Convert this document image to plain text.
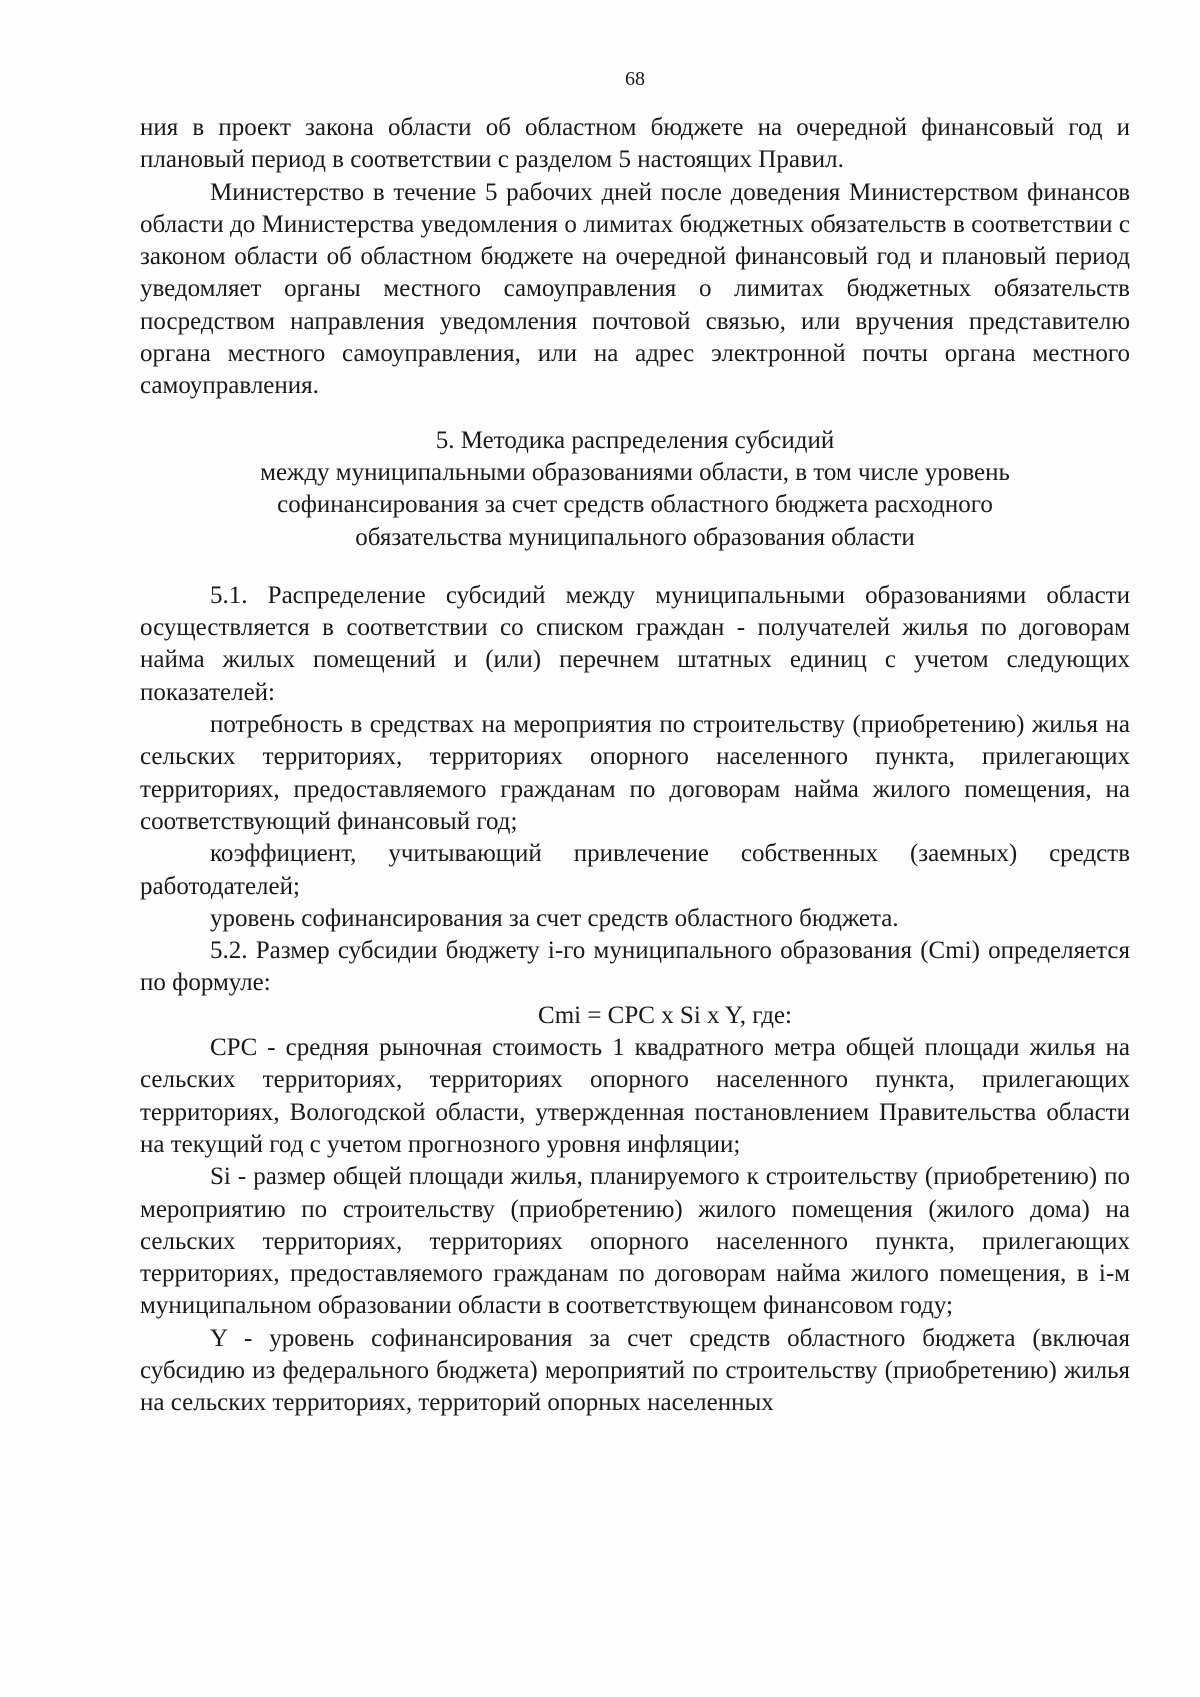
68

ния в проект закона области об областном бюджете на очередной финансовый год и плановый период в соответствии с разделом 5 настоящих Правил.

Министерство в течение 5 рабочих дней после доведения Министерством финансов области до Министерства уведомления о лимитах бюджетных обязательств в соответствии с законом области об областном бюджете на очередной финансовый год и плановый период уведомляет органы местного самоуправления о лимитах бюджетных обязательств посредством направления уведомления почтовой связью, или вручения представителю органа местного самоуправления, или на адрес электронной почты органа местного самоуправления.

5. Методика распределения субсидий
между муниципальными образованиями области, в том числе уровень
софинансирования за счет средств областного бюджета расходного
обязательства муниципального образования области

5.1. Распределение субсидий между муниципальными образованиями области осуществляется в соответствии со списком граждан - получателей жилья по договорам найма жилых помещений и (или) перечнем штатных единиц с учетом следующих показателей:

потребность в средствах на мероприятия по строительству (приобретению) жилья на сельских территориях, территориях опорного населенного пункта, прилегающих территориях, предоставляемого гражданам по договорам найма жилого помещения, на соответствующий финансовый год;

коэффициент, учитывающий привлечение собственных (заемных) средств работодателей;

уровень софинансирования за счет средств областного бюджета.

5.2. Размер субсидии бюджету i-го муниципального образования (Cmi) определяется по формуле:

Cmi = CPC x Si x Y, где:

CPC - средняя рыночная стоимость 1 квадратного метра общей площади жилья на сельских территориях, территориях опорного населенного пункта, прилегающих территориях, Вологодской области, утвержденная постановлением Правительства области на текущий год с учетом прогнозного уровня инфляции;

Si - размер общей площади жилья, планируемого к строительству (приобретению) по мероприятию по строительству (приобретению) жилого помещения (жилого дома) на сельских территориях, территориях опорного населенного пункта, прилегающих территориях, предоставляемого гражданам по договорам найма жилого помещения, в i-м муниципальном образовании области в соответствующем финансовом году;

Y - уровень софинансирования за счет средств областного бюджета (включая субсидию из федерального бюджета) мероприятий по строительству (приобретению) жилья на сельских территориях, территорий опорных населенных
